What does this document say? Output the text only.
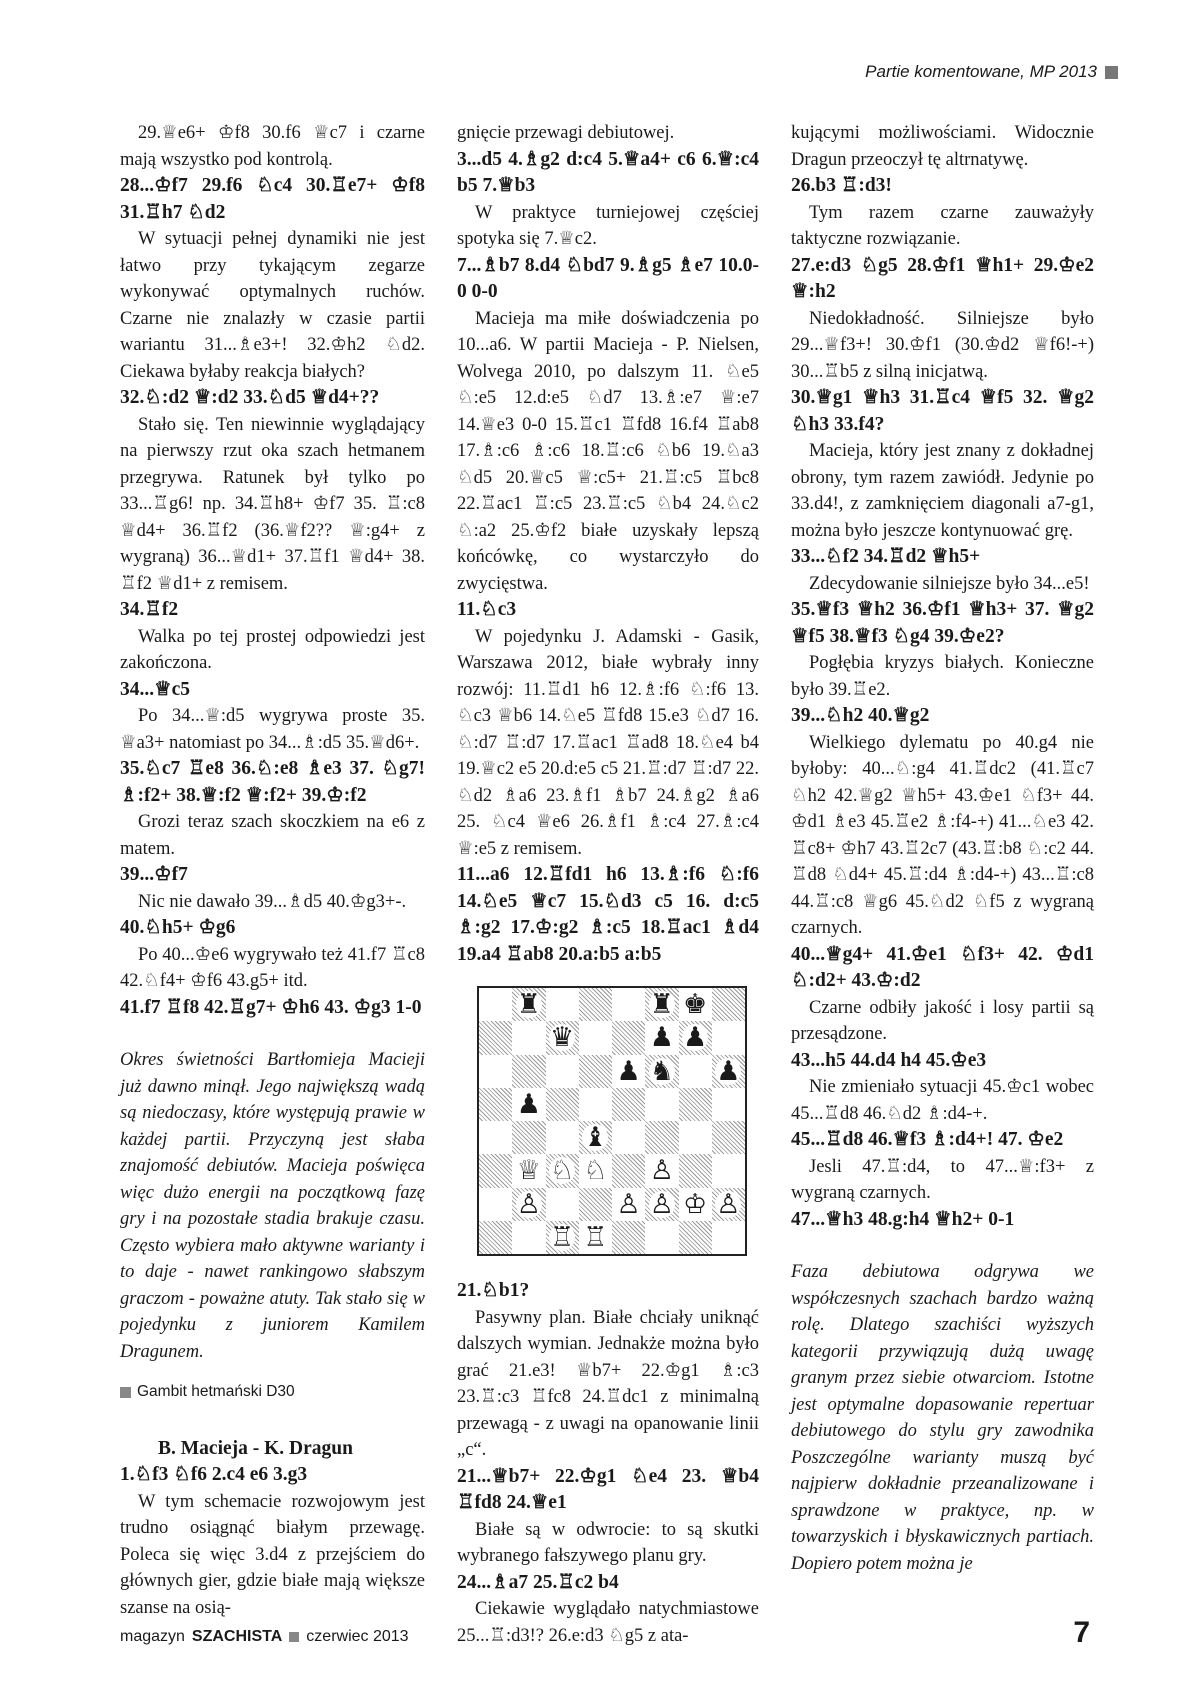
Partie komentowane, MP 2013

29.♕e6+ ♔f8 30.f6 ♕c7 i czarne mają wszystko pod kontrolą.

28...♔f7 29.f6 ♘c4 30.♖e7+ ♔f8 31.♖h7 ♘d2

W sytuacji pełnej dynamiki nie jest łatwo przy tykającym zegarze wykonywać optymalnych ruchów. Czarne nie znalazły w czasie partii wariantu 31...♗e3+! 32.♔h2 ♘d2. Ciekawa byłaby reakcja białych?

32.♘:d2 ♕:d2 33.♘d5 ♕d4+??

Stało się. Ten niewinnie wyglądający na pierwszy rzut oka szach hetmanem przegrywa. Ratunek był tylko po 33...♖g6! np. 34.♖h8+ ♔f7 35. ♖:c8 ♕d4+ 36.♖f2 (36.♕f2?? ♕:g4+ z wygraną) 36...♕d1+ 37.♖f1 ♕d4+ 38. ♖f2 ♕d1+ z remisem.

34.♖f2

Walka po tej prostej odpowiedzi jest zakończona.

34...♕c5

Po 34...♕:d5 wygrywa proste 35. ♕a3+ natomiast po 34...♗:d5 35.♕d6+.

35.♘c7 ♖e8 36.♘:e8 ♗e3 37. ♘g7! ♗:f2+ 38.♕:f2 ♕:f2+ 39.♔:f2

Grozi teraz szach skoczkiem na e6 z matem.

39...♔f7

Nic nie dawało 39...♗d5 40.♔g3+-.

40.♘h5+ ♔g6

Po 40...♔e6 wygrywało też 41.f7 ♖c8 42.♘f4+ ♔f6 43.g5+ itd.

41.f7 ♖f8 42.♖g7+ ♔h6 43. ♔g3 1-0

Okres świetności Bartłomieja Macieji już dawno minął. Jego największą wadą są niedoczasy, które występują prawie w każdej partii. Przyczyną jest słaba znajomość debiutów. Macieja poświęca więc dużo energii na początkową fazę gry i na pozostałe stadia brakuje czasu. Często wybiera mało aktywne warianty i to daje - nawet rankingowo słabszym graczom - poważne atuty. Tak stało się w pojedynku z juniorem Kamilem Dragunem.

Gambit hetmański D30

B. Macieja - K. Dragun

1.♘f3 ♘f6 2.c4 e6 3.g3

W tym schemacie rozwojowym jest trudno osiągnąć białym przewagę. Poleca się więc 3.d4 z przejściem do głównych gier, gdzie białe mają większe szanse na osią-

gnięcie przewagi debiutowej.

3...d5 4.♗g2 d:c4 5.♕a4+ c6 6.♕:c4 b5 7.♕b3

W praktyce turniejowej częściej spotyka się 7.♕c2.

7...♗b7 8.d4 ♘bd7 9.♗g5 ♗e7 10.0-0 0-0

Macieja ma miłe doświadczenia po 10...a6. W partii Macieja - P. Nielsen, Wolvega 2010, po dalszym 11. ♘e5 ♘:e5 12.d:e5 ♘d7 13.♗:e7 ♕:e7 14.♕e3 0-0 15.♖c1 ♖fd8 16.f4 ♖ab8 17.♗:c6 ♗:c6 18.♖:c6 ♘b6 19.♘a3 ♘d5 20.♕c5 ♕:c5+ 21.♖:c5 ♖bc8 22.♖ac1 ♖:c5 23.♖:c5 ♘b4 24.♘c2 ♘:a2 25.♔f2 białe uzyskały lepszą końcówkę, co wystarczyło do zwycięstwa.

11.♘c3

W pojedynku J. Adamski - Gasik, Warszawa 2012, białe wybrały inny rozwój: 11.♖d1 h6 12.♗:f6 ♘:f6 13. ♘c3 ♕b6 14.♘e5 ♖fd8 15.e3 ♘d7 16. ♘:d7 ♖:d7 17.♖ac1 ♖ad8 18.♘e4 b4 19.♕c2 e5 20.d:e5 c5 21.♖:d7 ♖:d7 22. ♘d2 ♗a6 23.♗f1 ♗b7 24.♗g2 ♗a6 25. ♘c4 ♕e6 26.♗f1 ♗:c4 27.♗:c4 ♕:e5 z remisem.

11...a6 12.♖fd1 h6 13.♗:f6 ♘:f6 14.♘e5 ♕c7 15.♘d3 c5 16. d:c5 ♗:g2 17.♔:g2 ♗:c5 18.♖ac1 ♗d4 19.a4 ♖ab8 20.a:b5 a:b5

♜	♜ ♚
♛	♟ ♟
♟ ♞ ♟
♟
♝
♕ ♘ ♘ ♙
♙	♙ ♙ ♔ ♙
♖ ♖

21.♘b1?

Pasywny plan. Białe chciały uniknąć dalszych wymian. Jednakże można było grać 21.e3! ♕b7+ 22.♔g1 ♗:c3 23.♖:c3 ♖fc8 24.♖dc1 z minimalną przewagą - z uwagi na opanowanie linii „c“.

21...♕b7+ 22.♔g1 ♘e4 23. ♕b4 ♖fd8 24.♕e1

Białe są w odwrocie: to są skutki wybranego fałszywego planu gry.

24...♗a7 25.♖c2 b4

Ciekawie wyglądało natychmiastowe 25...♖:d3!? 26.e:d3 ♘g5 z ata-

kującymi możliwościami. Widocznie Dragun przeoczył tę altrnatywę.

26.b3 ♖:d3!

Tym razem czarne zauważyły taktyczne rozwiązanie.

27.e:d3 ♘g5 28.♔f1 ♕h1+ 29.♔e2 ♕:h2

Niedokładność. Silniejsze było 29...♕f3+! 30.♔f1 (30.♔d2 ♕f6!-+) 30...♖b5 z silną inicjatwą.

30.♕g1 ♕h3 31.♖c4 ♕f5 32. ♕g2 ♘h3 33.f4?

Macieja, który jest znany z dokładnej obrony, tym razem zawiódł. Jedynie po 33.d4!, z zamknięciem diagonali a7-g1, można było jeszcze kontynuować grę.

33...♘f2 34.♖d2 ♕h5+

Zdecydowanie silniejsze było 34...e5!

35.♕f3 ♕h2 36.♔f1 ♕h3+ 37. ♕g2 ♕f5 38.♕f3 ♘g4 39.♔e2?

Pogłębia kryzys białych. Konieczne było 39.♖e2.

39...♘h2 40.♕g2

Wielkiego dylematu po 40.g4 nie byłoby: 40...♘:g4 41.♖dc2 (41.♖c7 ♘h2 42.♕g2 ♕h5+ 43.♔e1 ♘f3+ 44. ♔d1 ♗e3 45.♖e2 ♗:f4-+) 41...♘e3 42. ♖c8+ ♔h7 43.♖2c7 (43.♖:b8 ♘:c2 44. ♖d8 ♘d4+ 45.♖:d4 ♗:d4-+) 43...♖:c8 44.♖:c8 ♕g6 45.♘d2 ♘f5 z wygraną czarnych.

40...♕g4+ 41.♔e1 ♘f3+ 42. ♔d1 ♘:d2+ 43.♔:d2

Czarne odbiły jakość i losy partii są przesądzone.

43...h5 44.d4 h4 45.♔e3

Nie zmieniało sytuacji 45.♔c1 wobec 45...♖d8 46.♘d2 ♗:d4-+.

45...♖d8 46.♕f3 ♗:d4+! 47. ♔e2

Jesli 47.♖:d4, to 47...♕:f3+ z wygraną czarnych.

47...♕h3 48.g:h4 ♕h2+ 0-1

Faza debiutowa odgrywa we współczesnych szachach bardzo ważną rolę. Dlatego szachiści wyższych kategorii przywiązują dużą uwagę granym przez siebie otwarciom. Istotne jest optymalne dopasowanie repertuar debiutowego do stylu gry zawodnika Poszczególne warianty muszą być najpierw dokładnie przeanalizowane i sprawdzone w praktyce, np. w towarzyskich i błyskawicznych partiach. Dopiero potem można je

magazyn SZACHISTA czerwiec 2013	7
